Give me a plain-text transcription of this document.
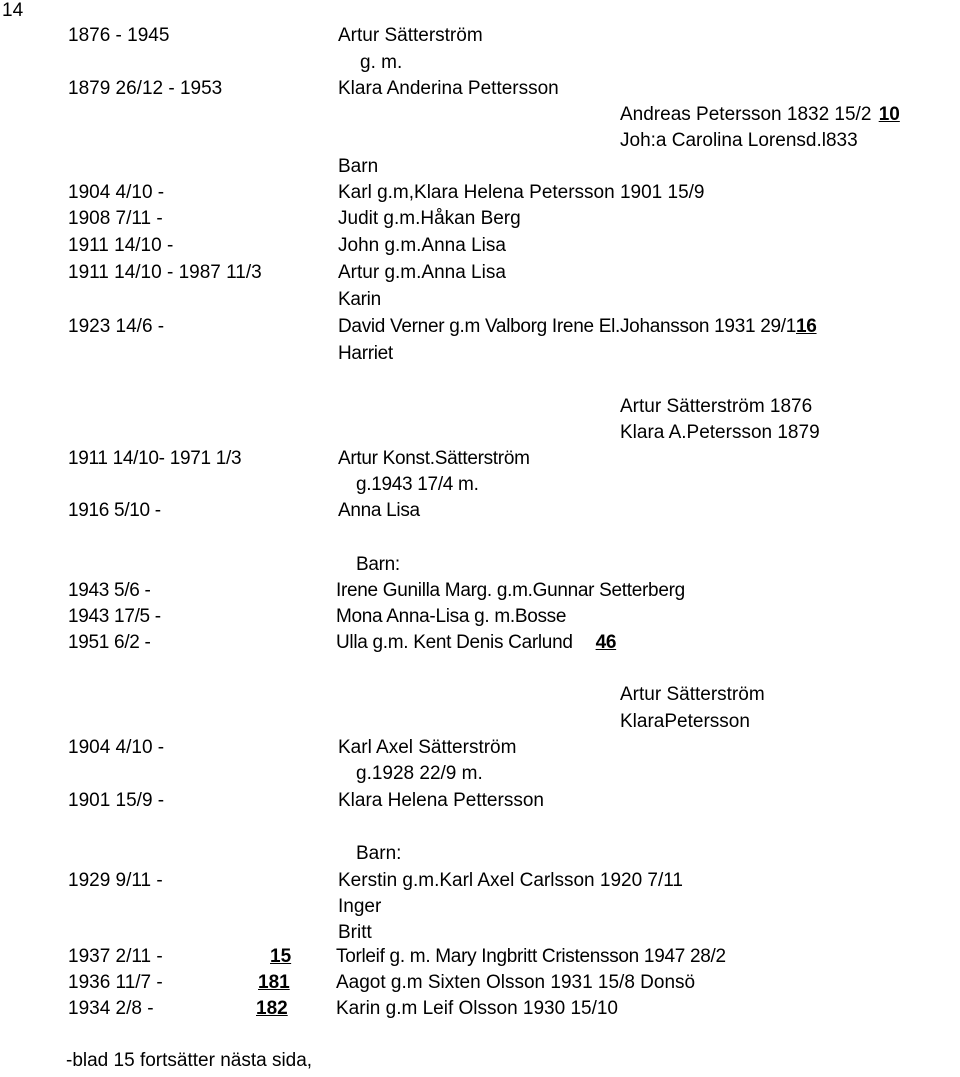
14
1876 - 1945	Artur Sätterström
g. m.
1879 26/12 - 1953	Klara Anderina Pettersson
Andreas Petersson 1832 15/2 10
Joh:a Carolina Lorensd.l833
Barn
1904 4/10 -	Karl g.m,Klara Helena Petersson 1901 15/9
1908 7/11 -	Judit g.m.Håkan Berg
1911 14/10 -	John g.m.Anna Lisa
1911 14/10 - 1987 11/3	Artur g.m.Anna Lisa
Karin
1923 14/6 -	David Verner g.m Valborg Irene El.Johansson 1931 29/116
Harriet
Artur Sätterström 1876
Klara A.Petersson 1879
1911 14/10- 1971 1/3	Artur Konst.Sätterström
g.1943 17/4 m.
1916 5/10 -	Anna Lisa
Barn:
1943 5/6 -	Irene Gunilla Marg. g.m.Gunnar Setterberg
1943 17/5 -	Mona Anna-Lisa g. m.Bosse
1951 6/2 -	Ulla g.m. Kent Denis Carlund 46
Artur Sätterström
KlaraPetersson
1904 4/10 -	Karl Axel Sätterström
g.1928 22/9 m.
1901 15/9 -	Klara Helena Pettersson
Barn:
1929 9/11 -	Kerstin g.m.Karl Axel Carlsson 1920 7/11
Inger
Britt
1937 2/11 -	15 Torleif g. m. Mary Ingbritt Cristensson 1947 28/2
1936 11/7 -	181 Aagot g.m Sixten Olsson 1931 15/8 Donsö
1934 2/8 -	182	Karin g.m Leif Olsson 1930 15/10
-blad 15 fortsätter nästa sida,
